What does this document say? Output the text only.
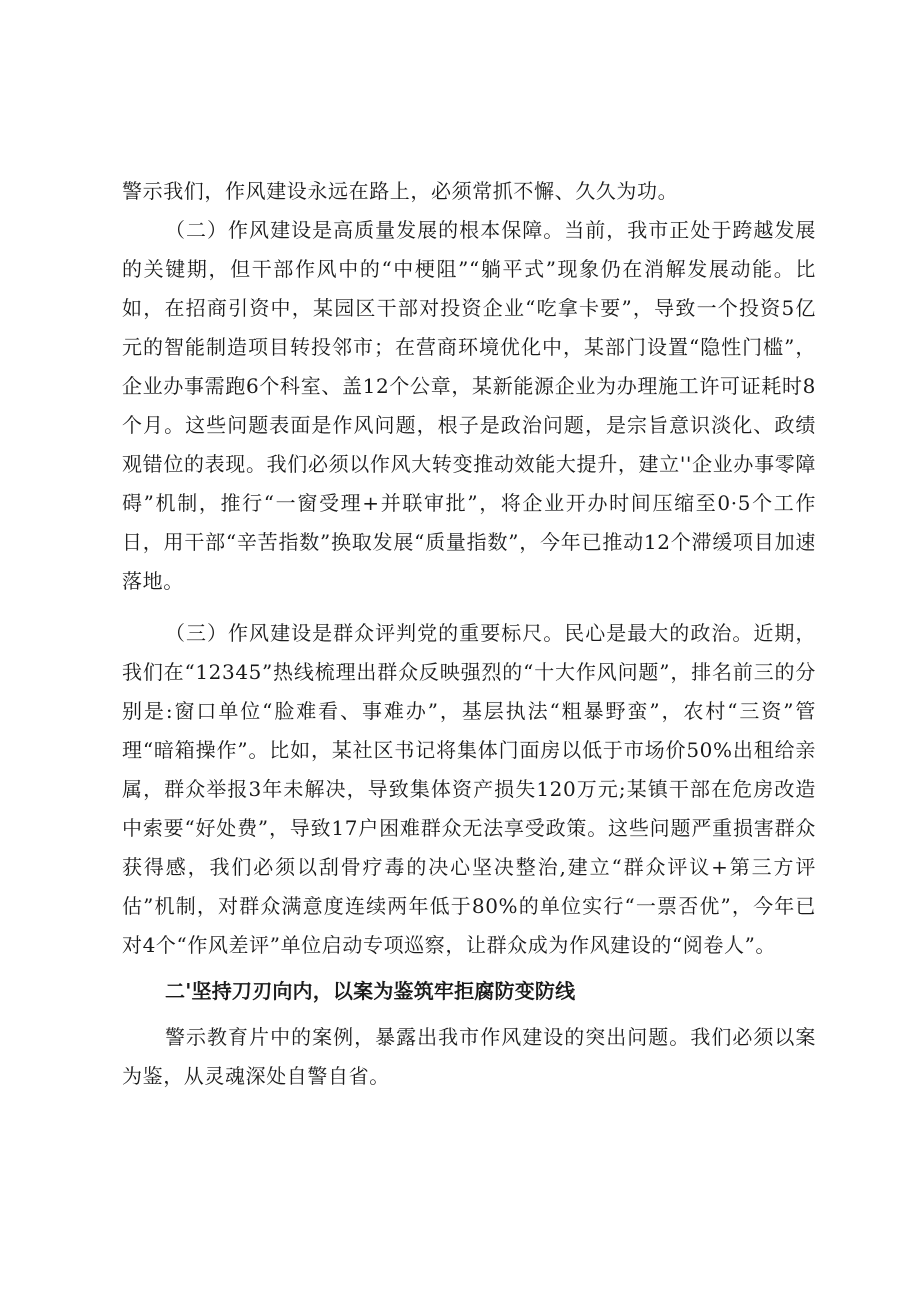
警示我们，作风建设永远在路上，必须常抓不懈、久久为功。

（二）作风建设是高质量发展的根本保障。当前，我市正处于跨越发展的关键期，但干部作风中的“中梗阻”“躺平式”现象仍在消解发展动能。比如，在招商引资中，某园区干部对投资企业“吃拿卡要”，导致一个投资5亿元的智能制造项目转投邻市；在营商环境优化中，某部门设置“隐性门槛”，企业办事需跑6个科室、盖12个公章，某新能源企业为办理施工许可证耗时8个月。这些问题表面是作风问题，根子是政治问题，是宗旨意识淡化、政绩观错位的表现。我们必须以作风大转变推动效能大提升，建立''企业办事零障碍”机制，推行“一窗受理+并联审批”，将企业开办时间压缩至0·5个工作日，用干部“辛苦指数”换取发展“质量指数”，今年已推动12个滞缓项目加速落地。

（三）作风建设是群众评判党的重要标尺。民心是最大的政治。近期，我们在“12345”热线梳理出群众反映强烈的“十大作风问题”，排名前三的分别是:窗口单位“脸难看、事难办”，基层执法“粗暴野蛮”，农村“三资”管理“暗箱操作”。比如，某社区书记将集体门面房以低于市场价50%出租给亲属，群众举报3年未解决，导致集体资产损失120万元;某镇干部在危房改造中索要“好处费”，导致17户困难群众无法享受政策。这些问题严重损害群众获得感，我们必须以刮骨疗毒的决心坚决整治,建立“群众评议+第三方评估”机制，对群众满意度连续两年低于80%的单位实行“一票否优”，今年已对4个“作风差评”单位启动专项巡察，让群众成为作风建设的“阅卷人”。

二'坚持刀刃向内，以案为鉴筑牢拒腐防变防线

警示教育片中的案例，暴露出我市作风建设的突出问题。我们必须以案为鉴，从灵魂深处自警自省。
